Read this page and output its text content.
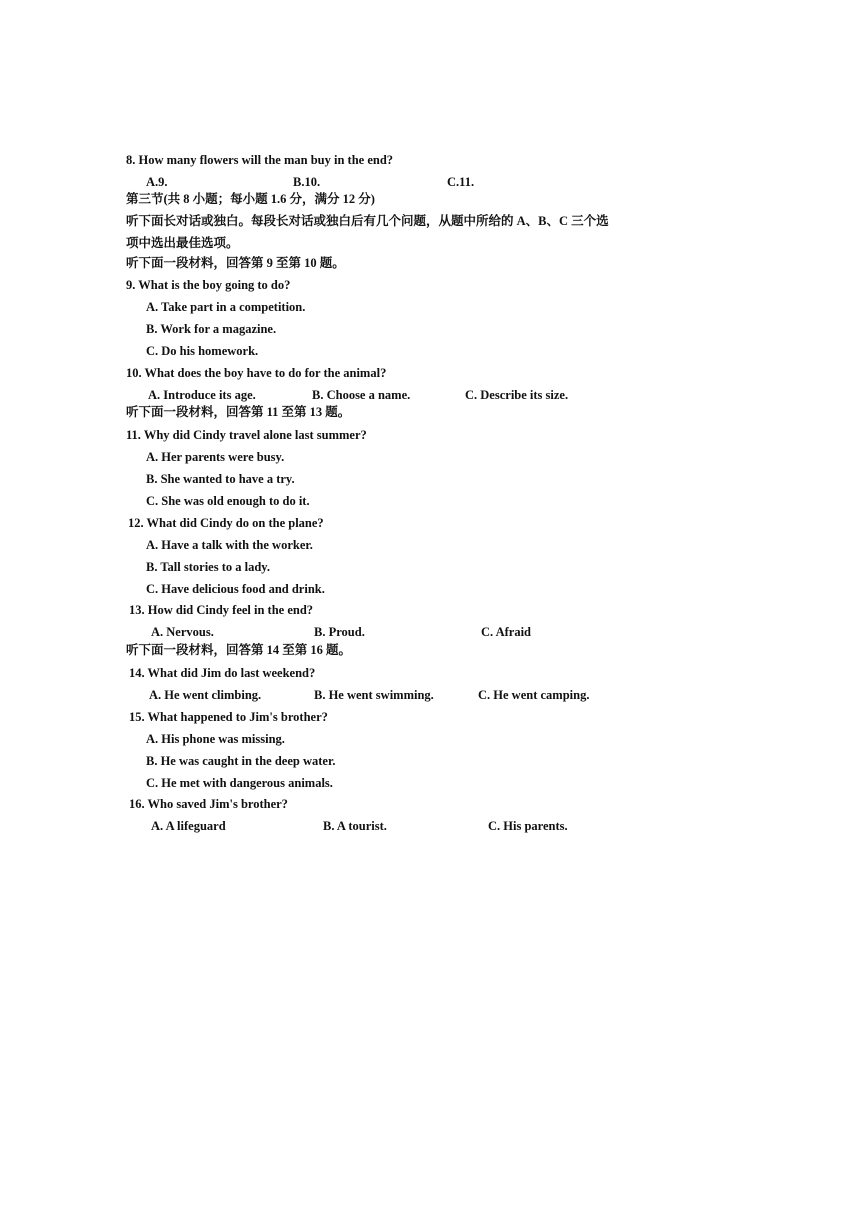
8. How many flowers will the man buy in the end?
A.9.	B.10.	C.11.
第三节(共 8 小题；每小题 1.6 分，满分 12 分)
听下面长对话或独白。每段长对话或独白后有几个问题，从题中所给的 A、B、C 三个选
项中选出最佳选项。
听下面一段材料，回答第 9 至第 10 题。
9. What is the boy going to do?
A. Take part in a competition.
B. Work for a magazine.
C. Do his homework.
10. What does the boy have to do for the animal?
A. Introduce its age.	B. Choose a name.	C. Describe its size.
听下面一段材料，回答第 11 至第 13 题。
11. Why did Cindy travel alone last summer?
A. Her parents were busy.
B. She wanted to have a try.
C. She was old enough to do it.
12. What did Cindy do on the plane?
A. Have a talk with the worker.
B. Tall stories to a lady.
C. Have delicious food and drink.
13. How did Cindy feel in the end?
A. Nervous.	B. Proud.	C. Afraid
听下面一段材料，回答第 14 至第 16 题。
14. What did Jim do last weekend?
A. He went climbing.	B. He went swimming.	C. He went camping.
15. What happened to Jim's brother?
A. His phone was missing.
B. He was caught in the deep water.
C. He met with dangerous animals.
16. Who saved Jim's brother?
A. A lifeguard	B. A tourist.	C. His parents.
